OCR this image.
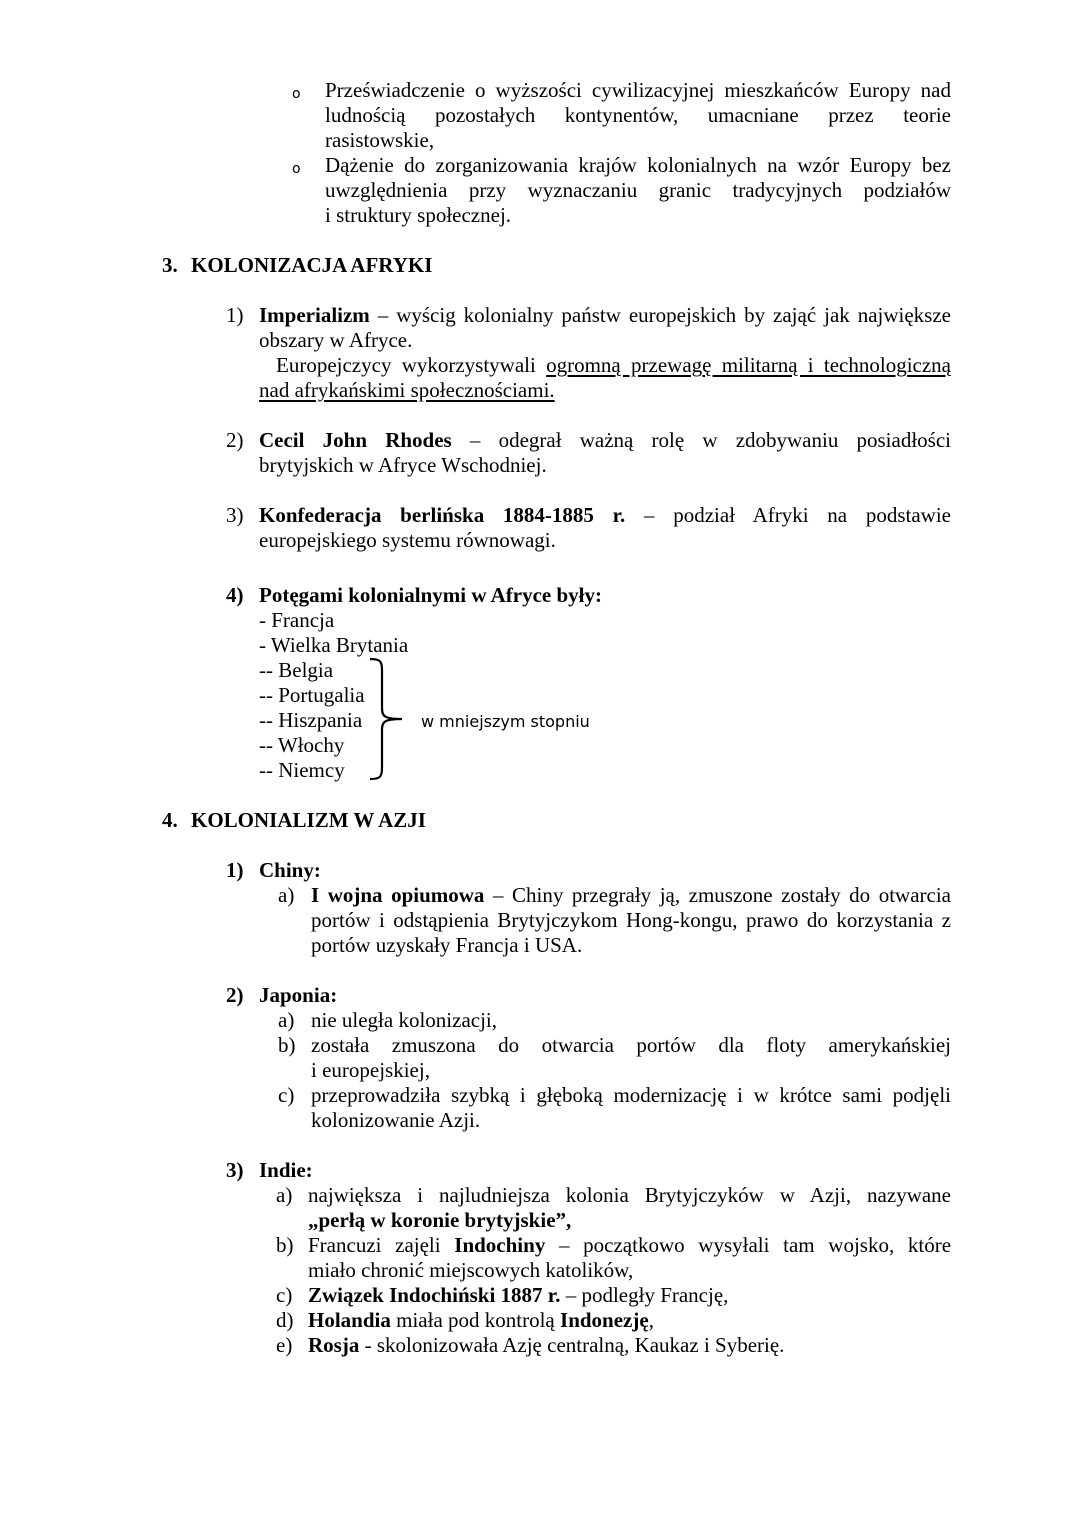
o Przeświadczenie o wyższości cywilizacyjnej mieszkańców Europy nad
ludnością pozostałych kontynentów, umacniane przez teorie
rasistowskie,
o Dążenie do zorganizowania krajów kolonialnych na wzór Europy bez
uwzględnienia przy wyznaczaniu granic tradycyjnych podziałów
i struktury społecznej.
3. KOLONIZACJA AFRYKI
1) Imperializm – wyścig kolonialny państw europejskich by zająć jak największe
obszary w Afryce.
Europejczycy wykorzystywali ogromną przewagę militarną i technologiczną
nad afrykańskimi społecznościami.
2) Cecil John Rhodes – odegrał ważną rolę w zdobywaniu posiadłości
brytyjskich w Afryce Wschodniej.
3) Konfederacja berlińska 1884-1885 r. – podział Afryki na podstawie
europejskiego systemu równowagi.
4) Potęgami kolonialnymi w Afryce były:
- Francja
- Wielka Brytania
-- Belgia
-- Portugalia
-- Hiszpania
-- Włochy
-- Niemcy
w mniejszym stopniu
4. KOLONIALIZM W AZJI
1) Chiny:
a) I wojna opiumowa – Chiny przegrały ją, zmuszone zostały do otwarcia
portów i odstąpienia Brytyjczykom Hong-kongu, prawo do korzystania z
portów uzyskały Francja i USA.
2) Japonia:
a) nie uległa kolonizacji,
b) została zmuszona do otwarcia portów dla floty amerykańskiej
i europejskiej,
c) przeprowadziła szybką i głęboką modernizację i w krótce sami podjęli
kolonizowanie Azji.
3) Indie:
a) największa i najludniejsza kolonia Brytyjczyków w Azji, nazywane
„perłą w koronie brytyjskie”,
b) Francuzi zajęli Indochiny – początkowo wysyłali tam wojsko, które
miało chronić miejscowych katolików,
c) Związek Indochiński 1887 r. – podległy Francję,
d) Holandia miała pod kontrolą Indonezję,
e) Rosja - skolonizowała Azję centralną, Kaukaz i Syberię.
